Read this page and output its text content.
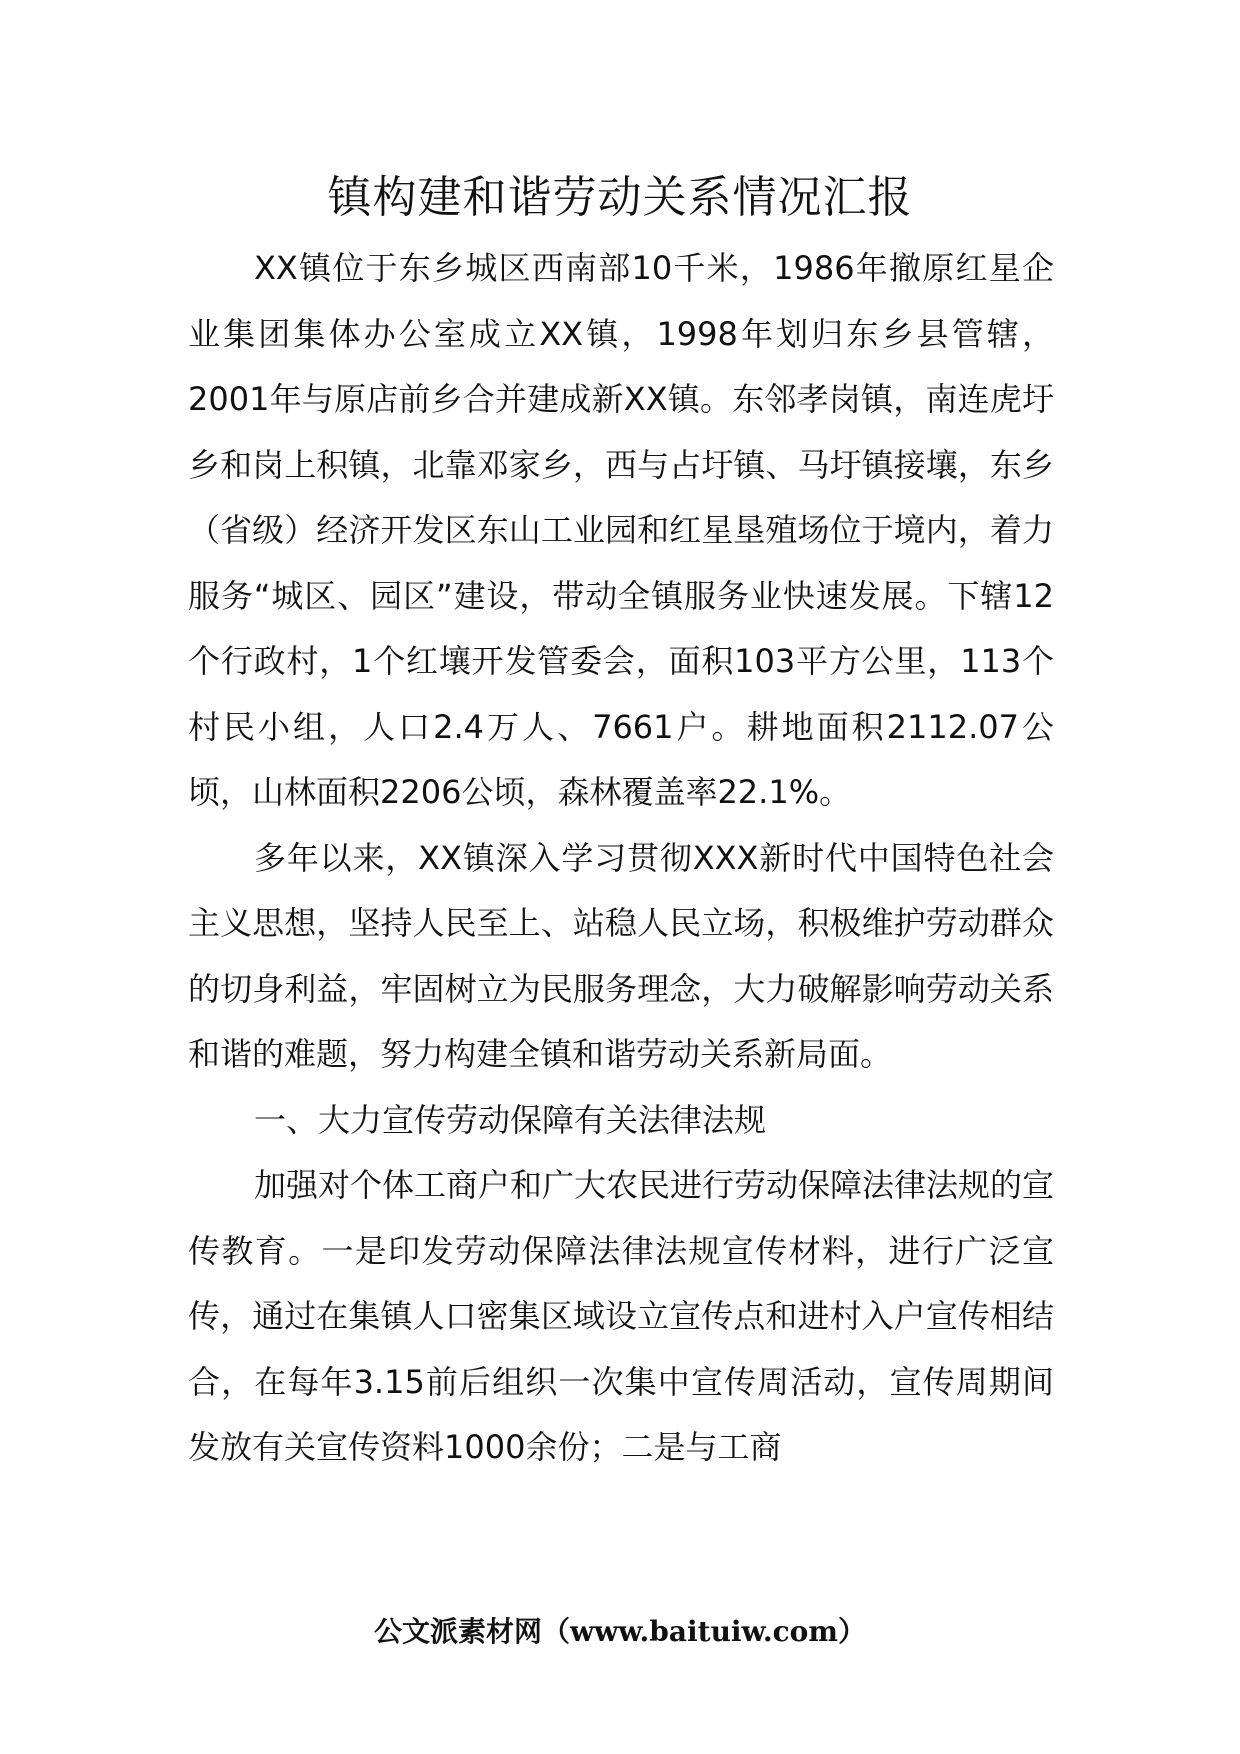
镇构建和谐劳动关系情况汇报

XX镇位于东乡城区西南部10千米，1986年撤原红星企业集团集体办公室成立XX镇，1998年划归东乡县管辖，2001年与原店前乡合并建成新XX镇。东邻孝岗镇，南连虎圩乡和岗上积镇，北靠邓家乡，西与占圩镇、马圩镇接壤，东乡（省级）经济开发区东山工业园和红星垦殖场位于境内，着力服务“城区、园区”建设，带动全镇服务业快速发展。下辖12个行政村，1个红壤开发管委会，面积103平方公里，113个村民小组，人口2.4万人、7661户。耕地面积2112.07公顷，山林面积2206公顷，森林覆盖率22.1%。

多年以来，XX镇深入学习贯彻XXX新时代中国特色社会主义思想，坚持人民至上、站稳人民立场，积极维护劳动群众的切身利益，牢固树立为民服务理念，大力破解影响劳动关系和谐的难题，努力构建全镇和谐劳动关系新局面。

一、大力宣传劳动保障有关法律法规

加强对个体工商户和广大农民进行劳动保障法律法规的宣传教育。一是印发劳动保障法律法规宣传材料，进行广泛宣传，通过在集镇人口密集区域设立宣传点和进村入户宣传相结合，在每年3.15前后组织一次集中宣传周活动，宣传周期间发放有关宣传资料1000余份；二是与工商

公文派素材网（www.baituiw.com）
